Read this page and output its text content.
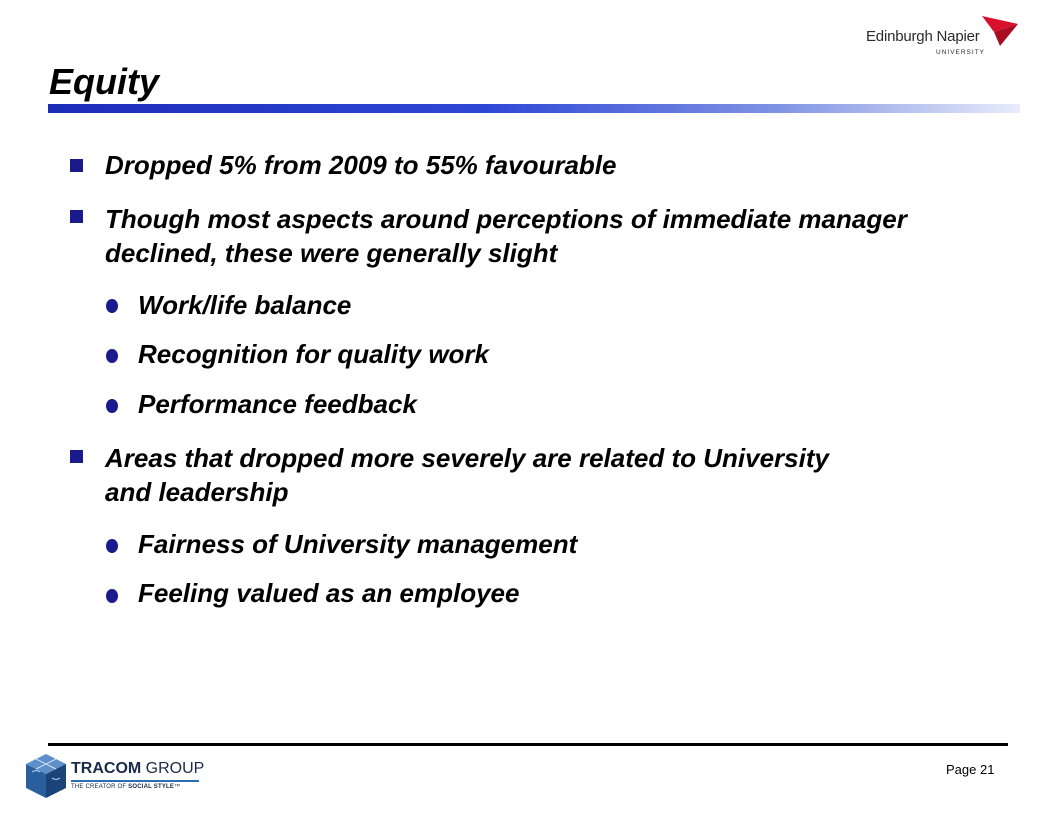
Edinburgh Napier
UNIVERSITY
Equity
Dropped 5% from 2009 to 55% favourable
Though most aspects around perceptions of immediate manager declined, these were generally slight
Work/life balance
Recognition for quality work
Performance feedback
Areas that dropped more severely are related to University and leadership
Fairness of University management
Feeling valued as an employee
TRACOM GROUP
THE CREATOR OF SOCIAL STYLE™
Page 21
